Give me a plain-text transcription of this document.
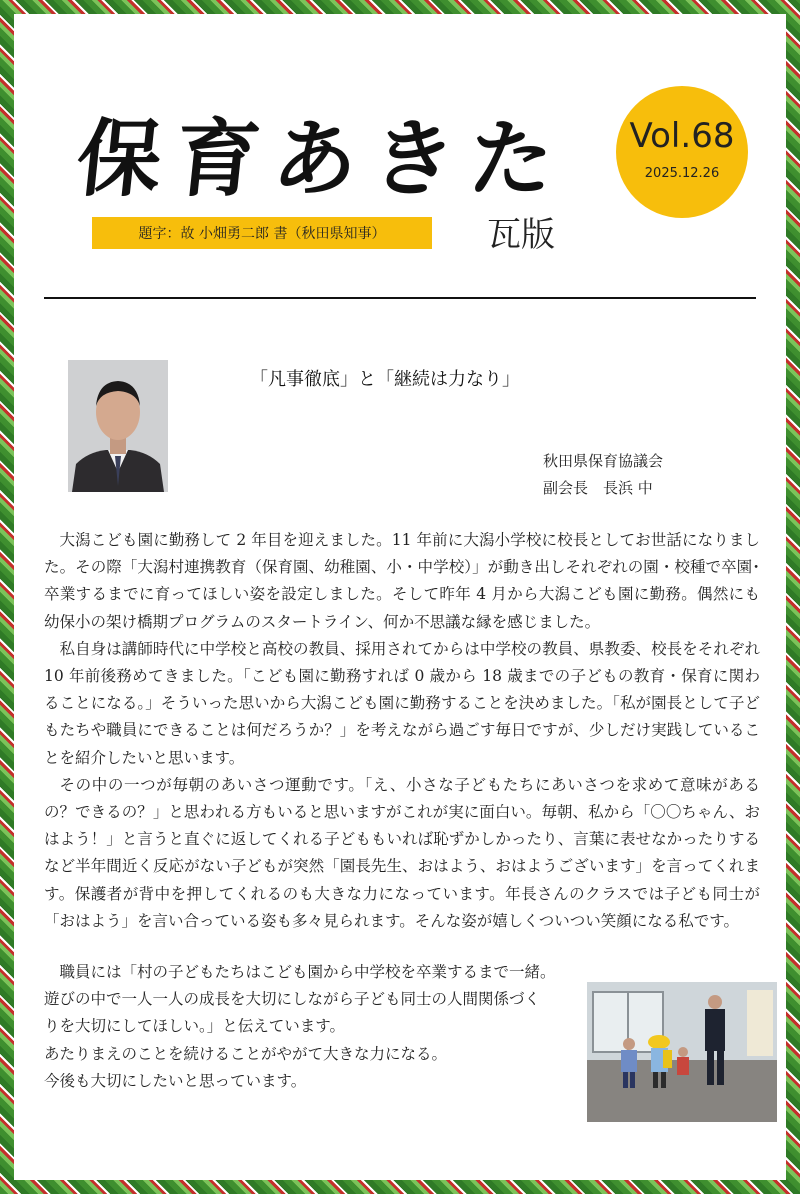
保育あきた
題字：故 小畑勇二郎 書（秋田県知事）	瓦版
Vol.68
2025.12.26
「凡事徹底」と「継続は力なり」
秋田県保育協議会
副会長　長浜 中

大潟こども園に勤務して 2 年目を迎えました。11 年前に大潟小学校に校長としてお世話になりました。その際「大潟村連携教育（保育園、幼稚園、小・中学校）」が動き出しそれぞれの園・校種で卒園･卒業するまでに育ってほしい姿を設定しました。そして昨年 4 月から大潟こども園に勤務。偶然にも幼保小の架け橋期プログラムのスタートライン、何か不思議な縁を感じました。

私自身は講師時代に中学校と高校の教員、採用されてからは中学校の教員、県教委、校長をそれぞれ 10 年前後務めてきました。「こども園に勤務すれば 0 歳から 18 歳までの子どもの教育・保育に関わることになる。」そういった思いから大潟こども園に勤務することを決めました。「私が園長として子どもたちや職員にできることは何だろうか？」を考えながら過ごす毎日ですが、少しだけ実践していることを紹介したいと思います。

その中の一つが毎朝のあいさつ運動です。「え、小さな子どもたちにあいさつを求めて意味があるの？できるの？」と思われる方もいると思いますがこれが実に面白い。毎朝、私から「〇〇ちゃん、おはよう！」と言うと直ぐに返してくれる子どももいれば恥ずかしかったり、言葉に表せなかったりするなど半年間近く反応がない子どもが突然「園長先生、おはよう、おはようございます」を言ってくれます。保護者が背中を押してくれるのも大きな力になっています。年長さんのクラスでは子ども同士が「おはよう」を言い合っている姿も多々見られます。そんな姿が嬉しくついつい笑顔になる私です。

職員には「村の子どもたちはこども園から中学校を卒業するまで一緒。

遊びの中で一人一人の成長を大切にしながら子ども同士の人間関係づく

りを大切にしてほしい。」と伝えています。

あたりまえのことを続けることがやがて大きな力になる。

今後も大切にしたいと思っています。
